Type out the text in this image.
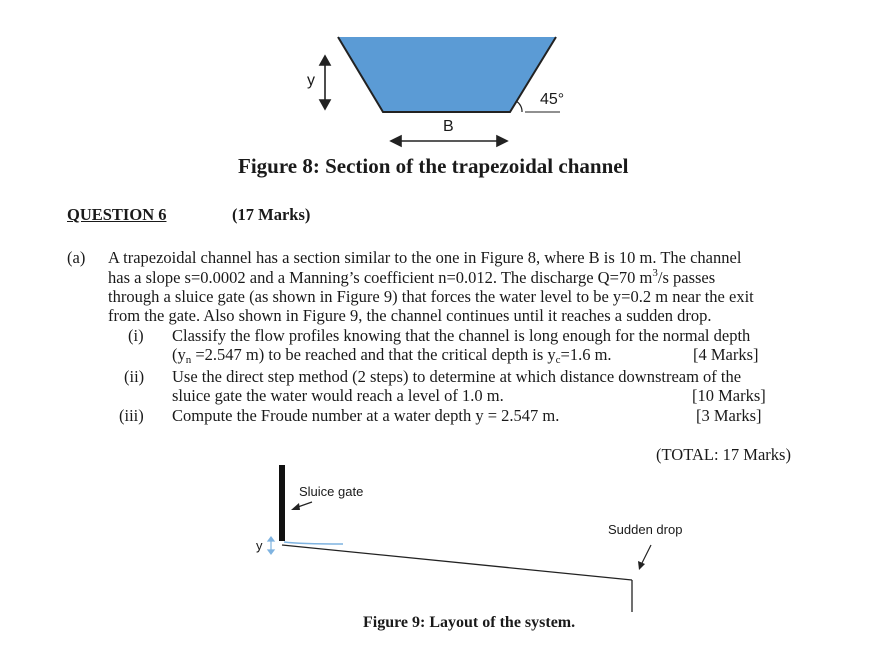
y
45°
B
Figure 8: Section of the trapezoidal channel
QUESTION 6	(17 Marks)
(a) A trapezoidal channel has a section similar to the one in Figure 8, where B is 10 m. The channel
has a slope s=0.0002 and a Manning’s coefficient n=0.012. The discharge Q=70 $m^3/s$ passes
through a sluice gate (as shown in Figure 9) that forces the water level to be y=0.2 m near the exit
from the gate. Also shown in Figure 9, the channel continues until it reaches a sudden drop.
(i) Classify the flow profiles knowing that the channel is long enough for the normal depth
($y_n =2.547$ m) to be reached and that the critical depth is $y_c=1.6$ m.	[4 Marks]
(ii) Use the direct step method (2 steps) to determine at which distance downstream of the
sluice gate the water would reach a level of 1.0 m.	[10 Marks]
(iii) Compute the Froude number at a water depth y = 2.547 m.	[3 Marks]
(TOTAL: 17 Marks)
Sluice gate
Sudden drop
y
Figure 9: Layout of the system.
